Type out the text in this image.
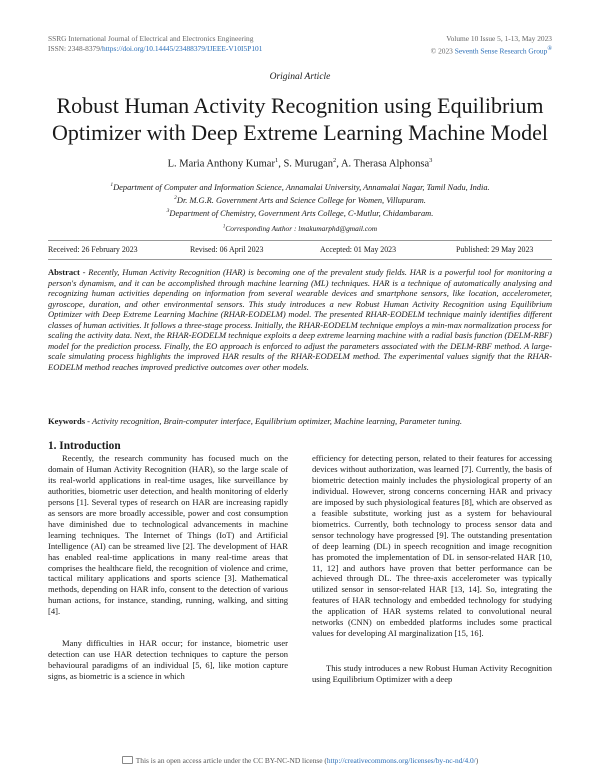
SSRG International Journal of Electrical and Electronics Engineering
ISSN: 2348-8379/https://doi.org/10.14445/23488379/IJEEE-V10I5P101
Volume 10 Issue 5, 1-13, May 2023
© 2023 Seventh Sense Research Group®
Original Article
Robust Human Activity Recognition using Equilibrium Optimizer with Deep Extreme Learning Machine Model
L. Maria Anthony Kumar$^1$, S. Murugan$^2$, A. Therasa Alphonsa$^3$
$^1$Department of Computer and Information Science, Annamalai University, Annamalai Nagar, Tamil Nadu, India.
$^2$Dr. M.G.R. Government Arts and Science College for Women, Villupuram.
$^3$Department of Chemistry, Government Arts College, C-Mutlur, Chidambaram.
$^1$Corresponding Author : lmakumarphd@gmail.com
Received: 26 February 2023	Revised: 06 April 2023	Accepted: 01 May 2023	Published: 29 May 2023
Abstract - Recently, Human Activity Recognition (HAR) is becoming one of the prevalent study fields. HAR is a powerful tool for monitoring a person's dynamism, and it can be accomplished through machine learning (ML) techniques. HAR is a technique of automatically analysing and recognizing human activities depending on information from several wearable devices and smartphone sensors, like location, accelerometer, gyroscope, duration, and other environmental sensors. This study introduces a new Robust Human Activity Recognition using Equilibrium Optimizer with Deep Extreme Learning Machine (RHAR-EODELM) model. The presented RHAR-EODELM technique mainly identifies different classes of human activities. It follows a three-stage process. Initially, the RHAR-EODELM technique employs a min-max normalization process for scaling the activity data. Next, the RHAR-EODELM technique exploits a deep extreme learning machine with a radial basis function (DELM-RBF) model for the prediction process. Finally, the EO approach is enforced to adjust the parameters associated with the DELM-RBF method. A large-scale simulating process highlights the improved HAR results of the RHAR-EODELM method. The experimental values signify that the RHAR-EODELM method reaches improved predictive outcomes over other models.
Keywords - Activity recognition, Brain-computer interface, Equilibrium optimizer, Machine learning, Parameter tuning.
1. Introduction

Recently, the research community has focused much on the domain of Human Activity Recognition (HAR), so the large scale of its real-world applications in real-time usages, like surveillance by authorities, biometric user detection, and health monitoring of elderly persons [1]. Several types of research on HAR are increasing rapidly as sensors are more broadly accessible, power and cost consumption have diminished due to technological advancements in machine learning techniques. The Internet of Things (IoT) and Artificial Intelligence (AI) can be streamed live [2]. The development of HAR has enabled real-time applications in many real-time areas that comprises the healthcare field, the recognition of violence and crime, tactical military applications and sports science [3]. Mathematical methods, depending on HAR info, consent to the detection of various human actions, for instance, standing, running, walking, and sitting [4].

Many difficulties in HAR occur; for instance, biometric user detection can use HAR detection techniques to capture the person behavioural paradigms of an individual [5, 6], like motion capture signs, as biometric is a science in which

efficiency for detecting person, related to their features for accessing devices without authorization, was learned [7]. Currently, the basis of biometric detection mainly includes the physiological property of an individual. However, strong concerns concerning HAR and privacy are imposed by such physiological features [8], which are observed as a feasible substitute, working just as a system for behavioural biometrics. Currently, both technology to process sensor data and sensor technology have progressed [9]. The outstanding presentation of deep learning (DL) in speech recognition and image recognition has promoted the implementation of DL in sensor-related HAR [10, 11, 12] and authors have proven that better performance can be achieved through DL. The three-axis accelerometer was typically utilized sensor in sensor-related HAR [13, 14]. So, integrating the features of HAR technology and embedded technology for studying the application of HAR systems related to convolutional neural networks (CNN) on embedded platforms includes some practical values for developing AI marginalization [15, 16].

This study introduces a new Robust Human Activity Recognition using Equilibrium Optimizer with a deep

This is an open access article under the CC BY-NC-ND license (http://creativecommons.org/licenses/by-nc-nd/4.0/)
